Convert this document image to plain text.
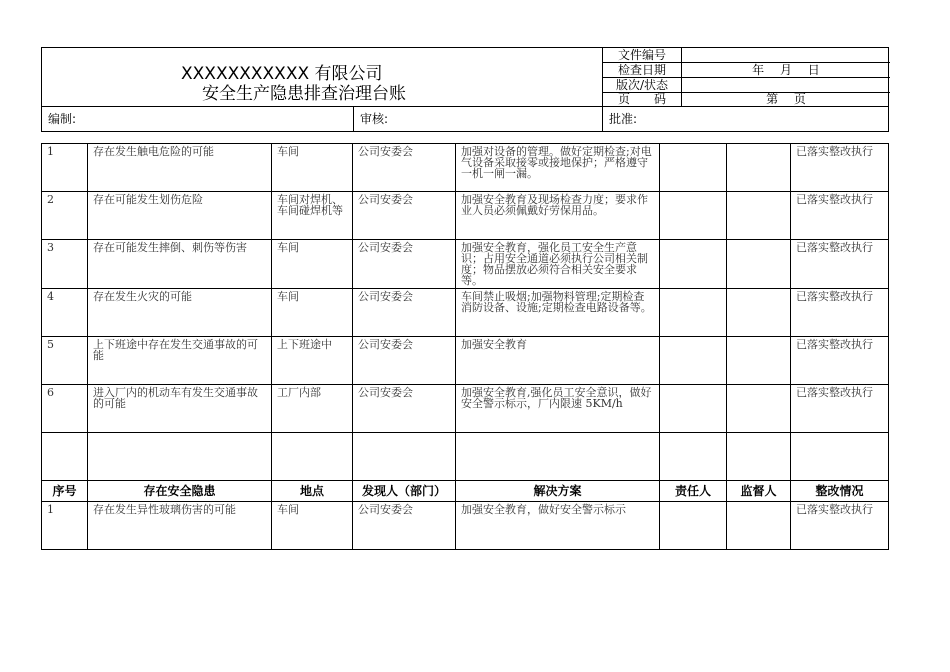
XXXXXXXXXXX 有限公司
安全生产隐患排查治理台账
文件编号
检查日期	年　 月　 日
版次/状态
页　　码	第　 页
编制:	审核:	批准:
1	存在发生触电危险的可能	车间	公司安委会	加强对设备的管理。做好定期检查;对电气设备采取接零或接地保护；严格遵守一机一闸一漏。			已落实整改执行
2	存在可能发生划伤危险	车间对焊机、车间碰焊机等	公司安委会	加强安全教育及现场检查力度；要求作业人员必须佩戴好劳保用品。			已落实整改执行
3	存在可能发生摔倒、刺伤等伤害	车间	公司安委会	加强安全教育，强化员工安全生产意识；占用安全通道必须执行公司相关制度；物品摆放必须符合相关安全要求等。			已落实整改执行
4	存在发生火灾的可能	车间	公司安委会	车间禁止吸烟;加强物料管理;定期检查消防设备、设施;定期检查电路设备等。			已落实整改执行
5	上下班途中存在发生交通事故的可能	上下班途中	公司安委会	加强安全教育			已落实整改执行
6	进入厂内的机动车有发生交通事故的可能	工厂内部	公司安委会	加强安全教育,强化员工安全意识，做好安全警示标示，厂内限速 5KM/h			已落实整改执行

序号	存在安全隐患	地点	发现人（部门）	解决方案	责任人	监督人	整改情况
1	存在发生异性玻璃伤害的可能	车间	公司安委会	加强安全教育，做好安全警示标示			已落实整改执行
